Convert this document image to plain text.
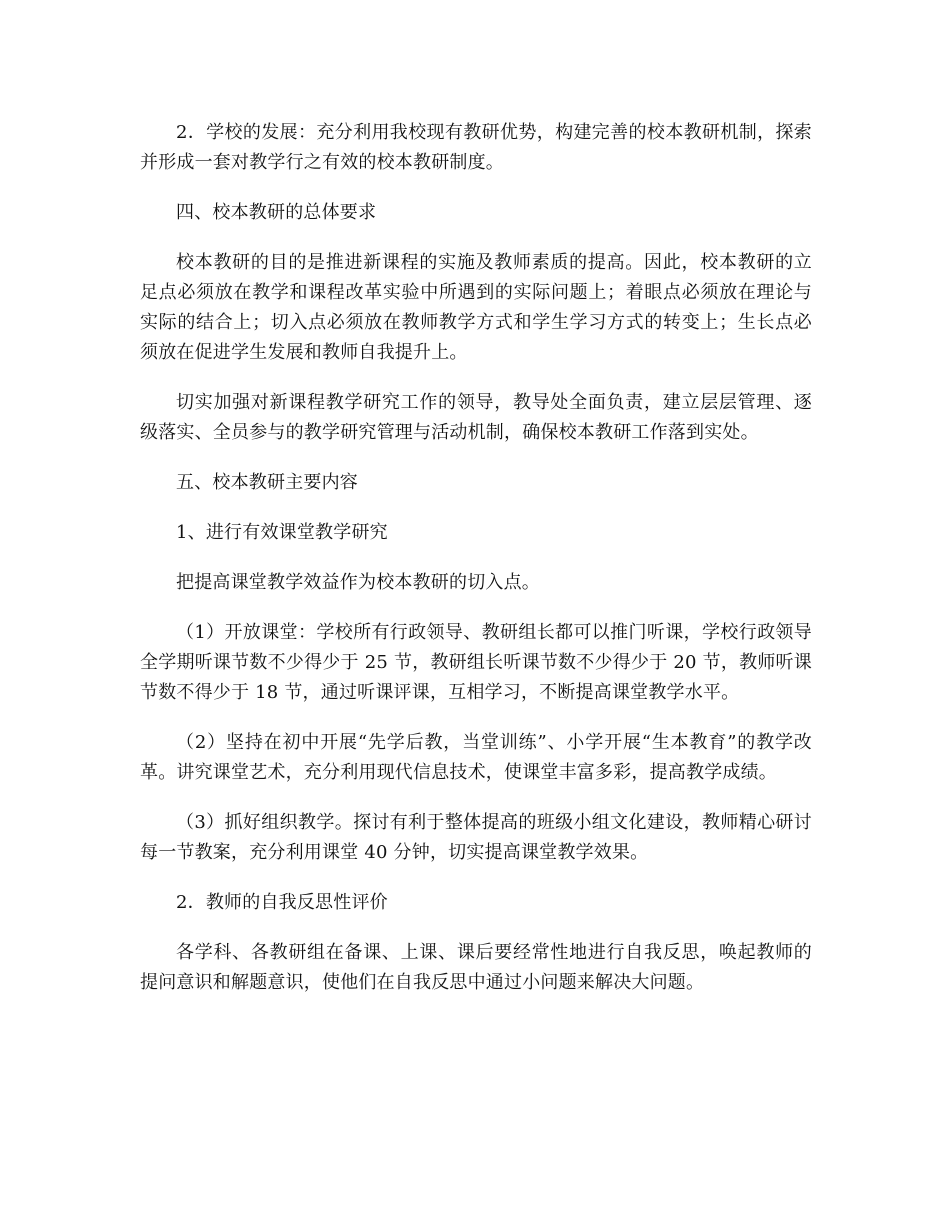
2．学校的发展：充分利用我校现有教研优势，构建完善的校本教研机制，探索并形成一套对教学行之有效的校本教研制度。

四、校本教研的总体要求

校本教研的目的是推进新课程的实施及教师素质的提高。因此，校本教研的立足点必须放在教学和课程改革实验中所遇到的实际问题上；着眼点必须放在理论与实际的结合上；切入点必须放在教师教学方式和学生学习方式的转变上；生长点必须放在促进学生发展和教师自我提升上。

切实加强对新课程教学研究工作的领导，教导处全面负责，建立层层管理、逐级落实、全员参与的教学研究管理与活动机制，确保校本教研工作落到实处。

五、校本教研主要内容

1、进行有效课堂教学研究

把提高课堂教学效益作为校本教研的切入点。

（1）开放课堂：学校所有行政领导、教研组长都可以推门听课，学校行政领导全学期听课节数不少得少于 25 节，教研组长听课节数不少得少于 20 节，教师听课节数不得少于 18 节，通过听课评课，互相学习，不断提高课堂教学水平。

（2）坚持在初中开展“先学后教，当堂训练”、小学开展“生本教育”的教学改革。讲究课堂艺术，充分利用现代信息技术，使课堂丰富多彩，提高教学成绩。

（3）抓好组织教学。探讨有利于整体提高的班级小组文化建设，教师精心研讨每一节教案，充分利用课堂 40 分钟，切实提高课堂教学效果。

2．教师的自我反思性评价

各学科、各教研组在备课、上课、课后要经常性地进行自我反思，唤起教师的提问意识和解题意识，使他们在自我反思中通过小问题来解决大问题。
